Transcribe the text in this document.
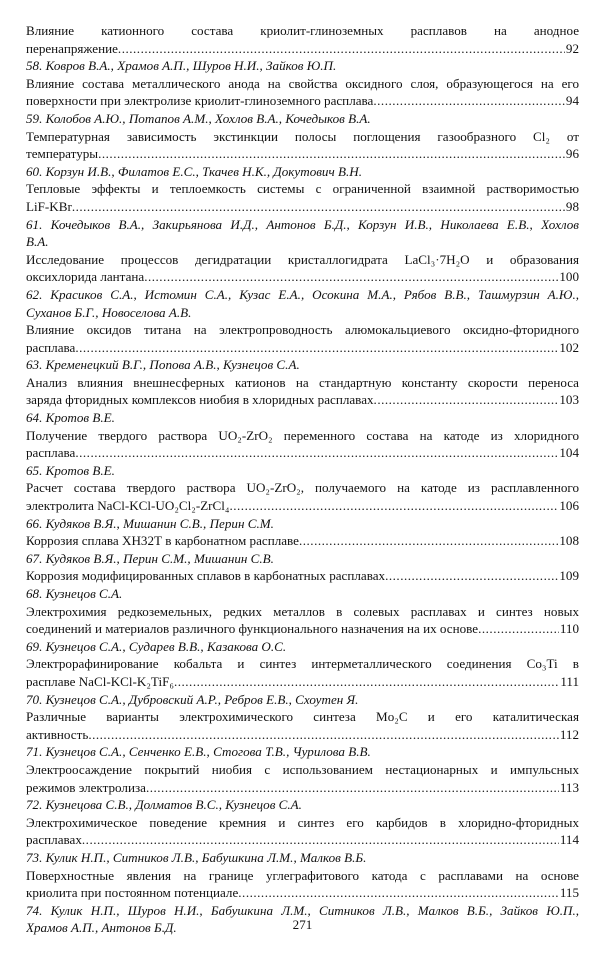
Влияние катионного состава криолит-глиноземных расплавов на анодное
перенапряжение .....	92
58. Ковров В.А., Храмов А.П., Шуров Н.И., Зайков Ю.П.
Влияние состава металлического анода на свойства оксидного слоя, образующегося на его
поверхности при электролизе криолит-глиноземного расплава .....	94
59. Колобов А.Ю., Потапов А.М., Хохлов В.А., Кочедыков В.А.
Температурная зависимость экстинкции полосы поглощения газообразного Cl₂ от
температуры .....	96
60. Корзун И.В., Филатов Е.С., Ткачев Н.К., Докутович В.Н.
Тепловые эффекты и теплоемкость системы с ограниченной взаимной растворимостью
LiF-KBr .....	98
61. Кочедыков В.А., Закирьянова И.Д., Антонов Б.Д., Корзун И.В., Николаева Е.В., Хохлов
В.А.
Исследование процессов дегидратации кристаллогидрата LaCl₃·7H₂O и образования
оксихлорида лантана .....	100
62. Красиков С.А., Истомин С.А., Кузас Е.А., Осокина М.А., Рябов В.В., Ташмурзин А.Ю.,
Суханов Б.Г., Новоселова А.В.
Влияние оксидов титана на электропроводность алюмокальциевого оксидно-фторидного
расплава .....	102
63. Кременецкий В.Г., Попова А.В., Кузнецов С.А.
Анализ влияния внешнесферных катионов на стандартную константу скорости переноса
заряда фторидных комплексов ниобия в хлоридных расплавах .....	103
64. Кротов В.Е.
Получение твердого раствора UO₂-ZrO₂ переменного состава на катоде из хлоридного
расплава .....	104
65. Кротов В.Е.
Расчет состава твердого раствора UO₂-ZrO₂, получаемого на катоде из расплавленного
электролита NaCl-KCl-UO₂Cl₂-ZrCl₄ .....	106
66. Кудяков В.Я., Мишанин С.В., Перин С.М.
Коррозия сплава ХН32Т в карбонатном расплаве .....	108
67. Кудяков В.Я., Перин С.М., Мишанин С.В.
Коррозия модифицированных сплавов в карбонатных расплавах .....	109
68. Кузнецов С.А.
Электрохимия редкоземельных, редких металлов в солевых расплавах и синтез новых
соединений и материалов различного функционального назначения на их основе .....	110
69. Кузнецов С.А., Сударев В.В., Казакова О.С.
Электрорафинирование кобальта и синтез интерметаллического соединения Co₃Ti в
расплаве NaCl-KCl-K₂TiF₆ .....	111
70. Кузнецов С.А., Дубровский А.Р., Ребров Е.В., Схоутен Я.
Различные варианты электрохимического синтеза Mo₂C и его каталитическая
активность .....	112
71. Кузнецов С.А., Сенченко Е.В., Стогова Т.В., Чурилова В.В.
Электроосаждение покрытий ниобия с использованием нестационарных и импульсных
режимов электролиза .....	113
72. Кузнецова С.В., Долматов В.С., Кузнецов С.А.
Электрохимическое поведение кремния и синтез его карбидов в хлоридно-фторидных
расплавах .....	114
73. Кулик Н.П., Ситников Л.В., Бабушкина Л.М., Малков В.Б.
Поверхностные явления на границе углеграфитового катода с расплавами на основе
криолита при постоянном потенциале .....	115
74. Кулик Н.П., Шуров Н.И., Бабушкина Л.М., Ситников Л.В., Малков В.Б., Зайков Ю.П.,
Храмов А.П., Антонов Б.Д.	271
